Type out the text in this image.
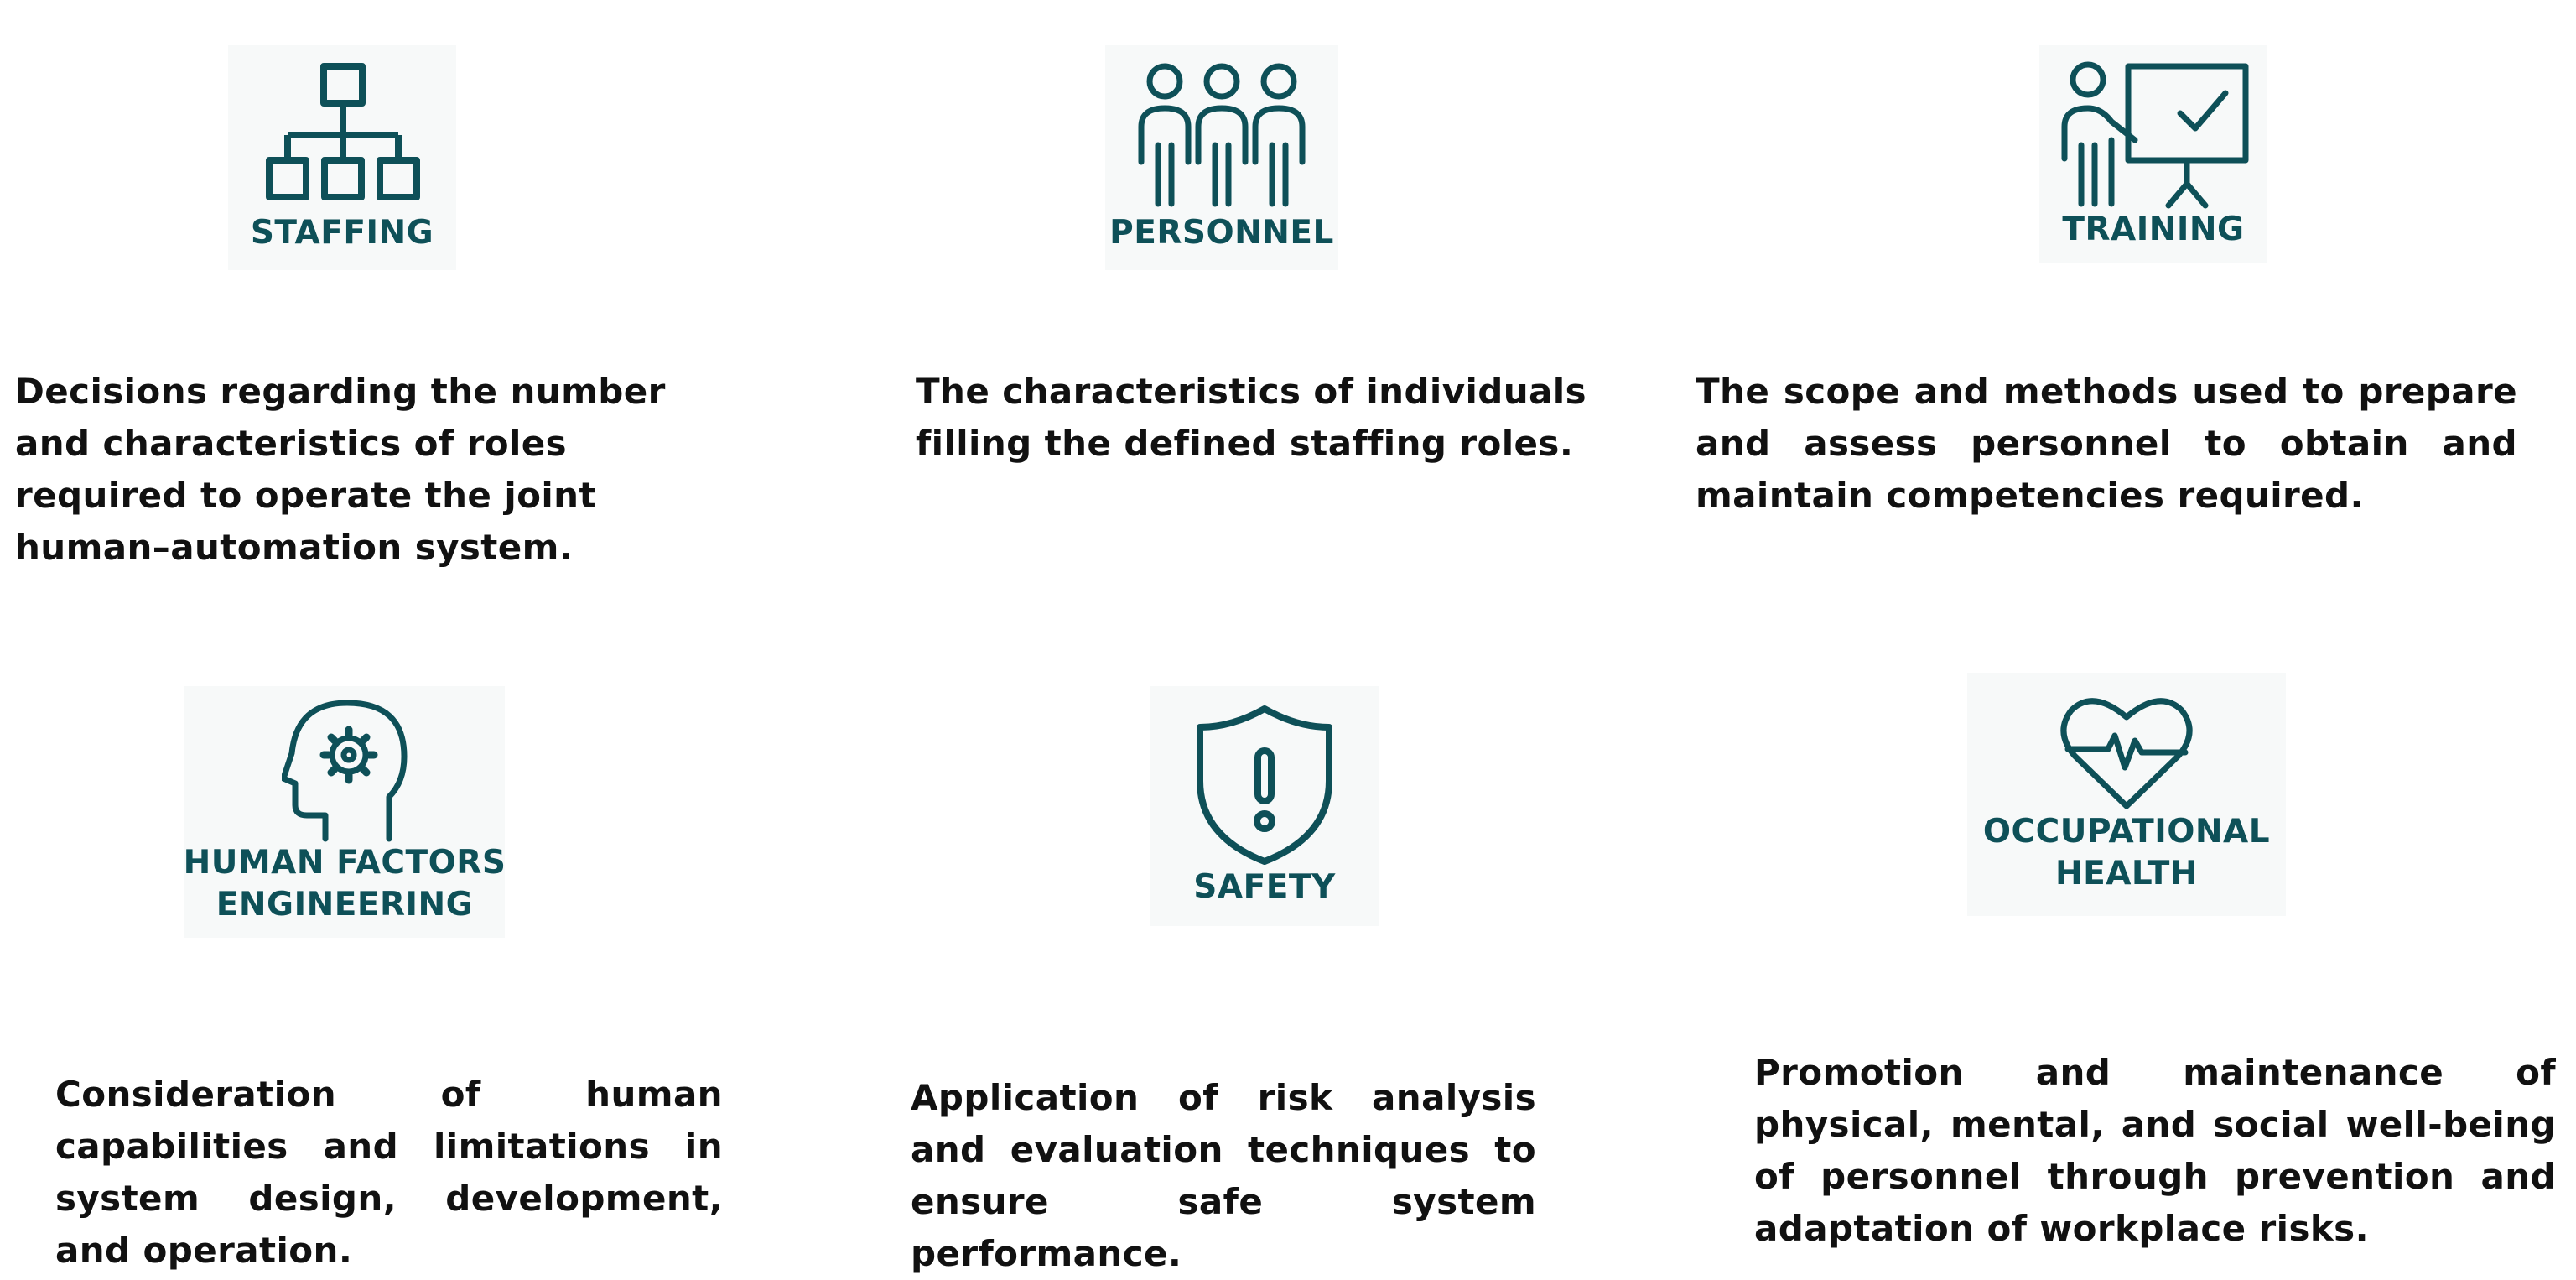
STAFFING	PERSONNEL	TRAINING

Decisions regarding the number and characteristics of roles required to operate the joint human–automation system.

The characteristics of individuals filling the defined staffing roles.

The scope and methods used to prepare and assess personnel to obtain and maintain competencies required.

HUMAN FACTORS
ENGINEERING	SAFETY
OCCUPATIONAL
HEALTH

Consideration of human capabilities and limitations in system design, development, and operation.

Application of risk analysis and evaluation techniques to ensure safe system performance.

Promotion and maintenance of physical, mental, and social well-being of personnel through prevention and adaptation of workplace risks.
